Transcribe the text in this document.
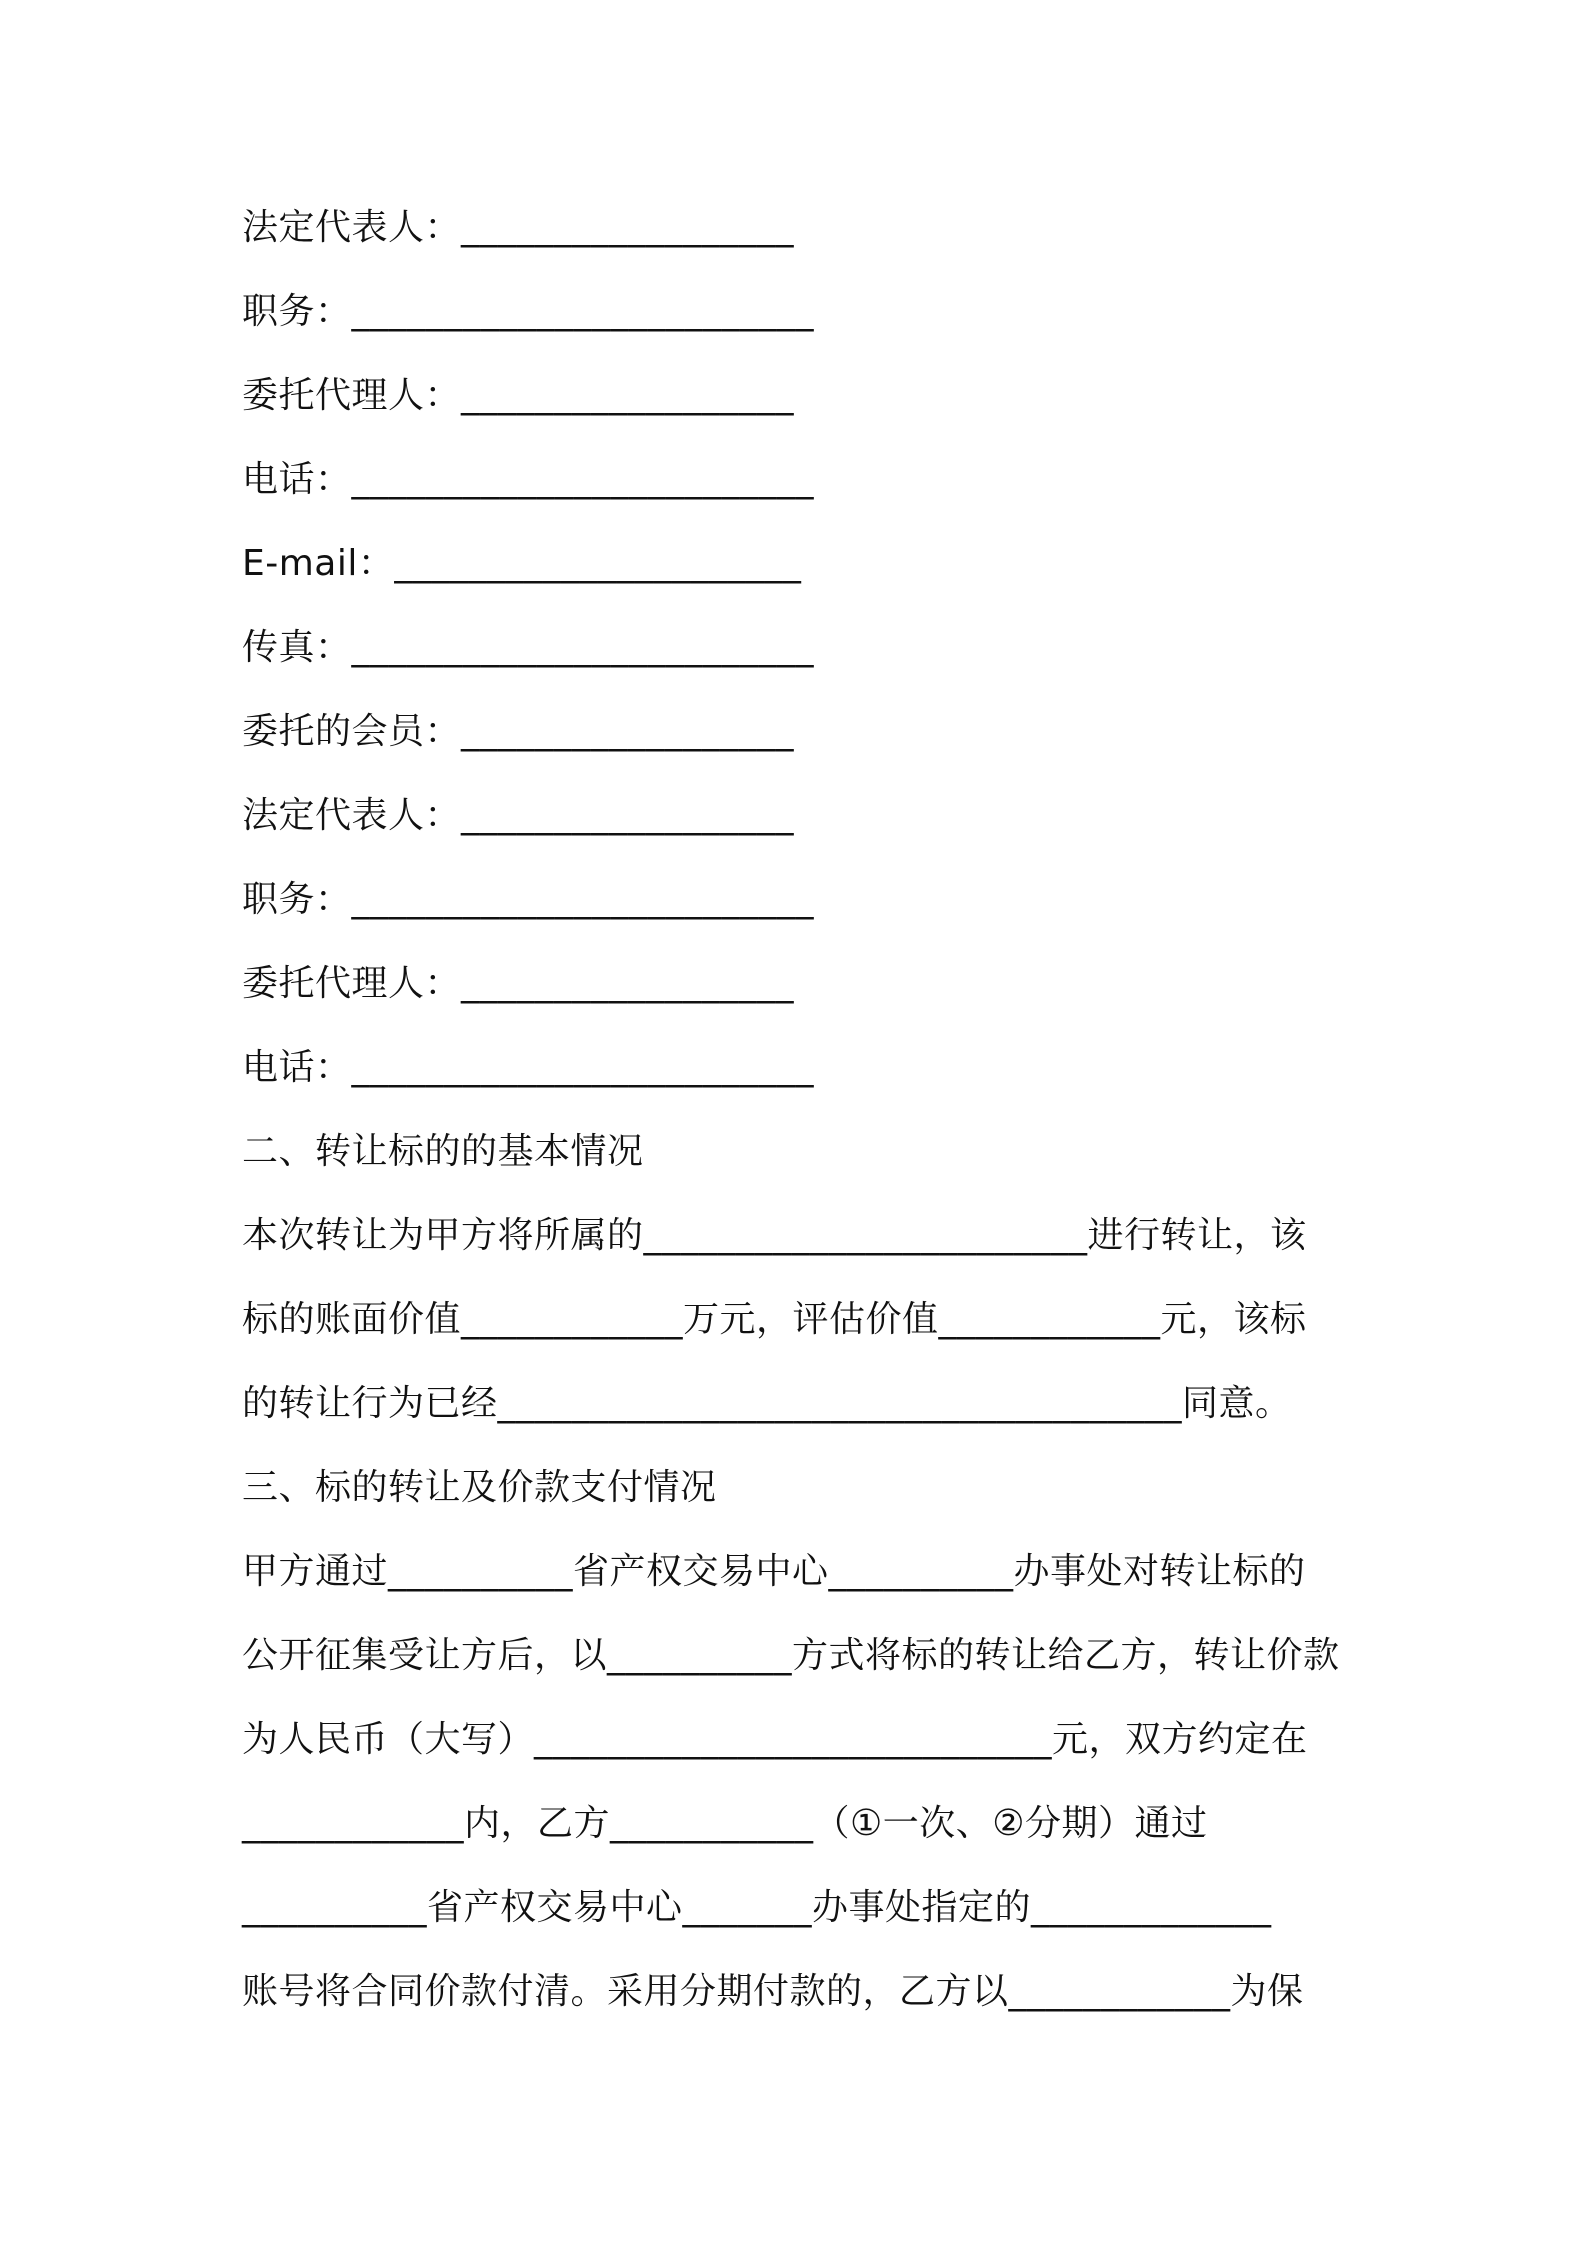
法定代表人：__________________
职务：_________________________
委托代理人：__________________
电话：_________________________
E-mail：______________________
传真：_________________________
委托的会员：__________________
法定代表人：__________________
职务：_________________________
委托代理人：__________________
电话：_________________________
二、转让标的的基本情况
本次转让为甲方将所属的________________________进行转让，该
标的账面价值____________万元，评估价值____________元，该标
的转让行为已经_____________________________________同意。
三、标的转让及价款支付情况
甲方通过__________省产权交易中心__________办事处对转让标的
公开征集受让方后，以__________方式将标的转让给乙方，转让价款
为人民币（大写）____________________________元，双方约定在
____________内，乙方___________（①一次、②分期）通过
__________省产权交易中心_______办事处指定的_____________
账号将合同价款付清。采用分期付款的，乙方以____________为保
